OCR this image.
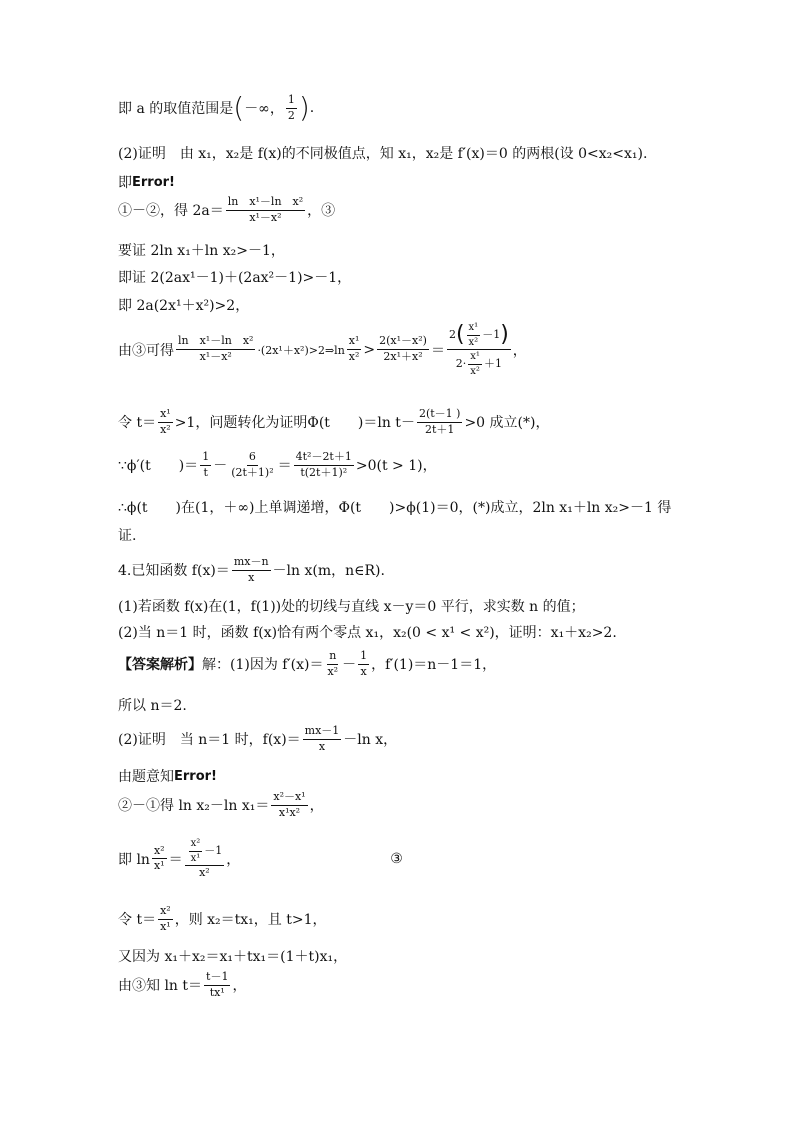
即 a 的取值范围是 ( －∞， $\frac{1}{2}$ ) .
(2)证明　由 x₁，x₂是 f(x)的不同极值点，知 x₁，x₂是 f′(x)＝0 的两根(设 0<x₂<x₁).
即 Error!
①－②，得 $2a= \frac{\text{ln　x¹－ln　x²}}{\text{x¹－x²}}$ ，③
要证 2ln x₁＋ln x₂>－1，
即证 2(2ax¹－1)＋(2ax²－1)>－1，
即 2a(2x¹＋x²)>2，
由③可得 $\frac{\text{ln　x¹－ln　x²}}{\text{x¹－x²}}$ ·(2x¹＋x²)>2⇒ln $\frac{\text{x¹}}{\text{x²}} > \frac{\text{2(x¹－x²)}}{\text{2x¹＋x²}} = \frac{2 ( \frac{\text{x¹}}{\text{x²}} -1 )}{2\cdot \frac{\text{x¹}}{\text{x²}} +1}$ ，
令 $t= \frac{\text{x¹}}{\text{x²}} >1$，问题转化为证明Φ(t　　)＝ln $t- \frac{2(t-1 )}{2t+1} >0$ 成立(*)，
∵ϕ′(t　　)＝ $\frac{1}{t} - \frac{6}{\text{(2t＋1)²}} = \frac{\text{4t²－2t＋1}}{\text{t(2t＋1)²}} >0(t > 1)$，
∴ϕ(t　　)在(1，＋∞)上单调递增，Φ(t　　)>ϕ(1)＝0，(*)成立，2ln x₁＋ln x₂>－1 得
证.
4.已知函数 $f(x)= \frac{mx-n}{x} -\ln$ x(m，n∈R).
(1)若函数 f(x)在(1，f(1))处的切线与直线 x－y＝0 平行，求实数 n 的值；
(2)当 n＝1 时，函数 f(x)恰有两个零点 x₁，x₂(0 < x¹ < x²)，证明：x₁＋x₂>2.
【答案解析】 解：(1)因为 $f'(x)= \frac{n}{\text{x²}} - \frac{1}{x}$ ，f′(1)＝n－1＝1，
所以 n＝2.
(2)证明　当 n＝1 时，$f(x)= \frac{mx-1}{x} -\ln$ x，
由题意知 Error!
②－①得 ln x₂－ln $x_1= \frac{\text{x²－x¹}}{\text{x¹x²}}$ ，
即 $\ln \frac{\text{x²}}{\text{x¹}} = \frac{\frac{\text{x²}}{\text{x¹}} -1}{\text{x²}}$ ，	③
令 $t= \frac{\text{x²}}{\text{x¹}}$ ，则 x₂＝tx₁，且 t>1，
又因为 x₁＋x₂＝x₁＋tx₁＝(1＋t)x₁，
由③知 $\ln t= \frac{t-1}{\text{tx¹}}$ ，
